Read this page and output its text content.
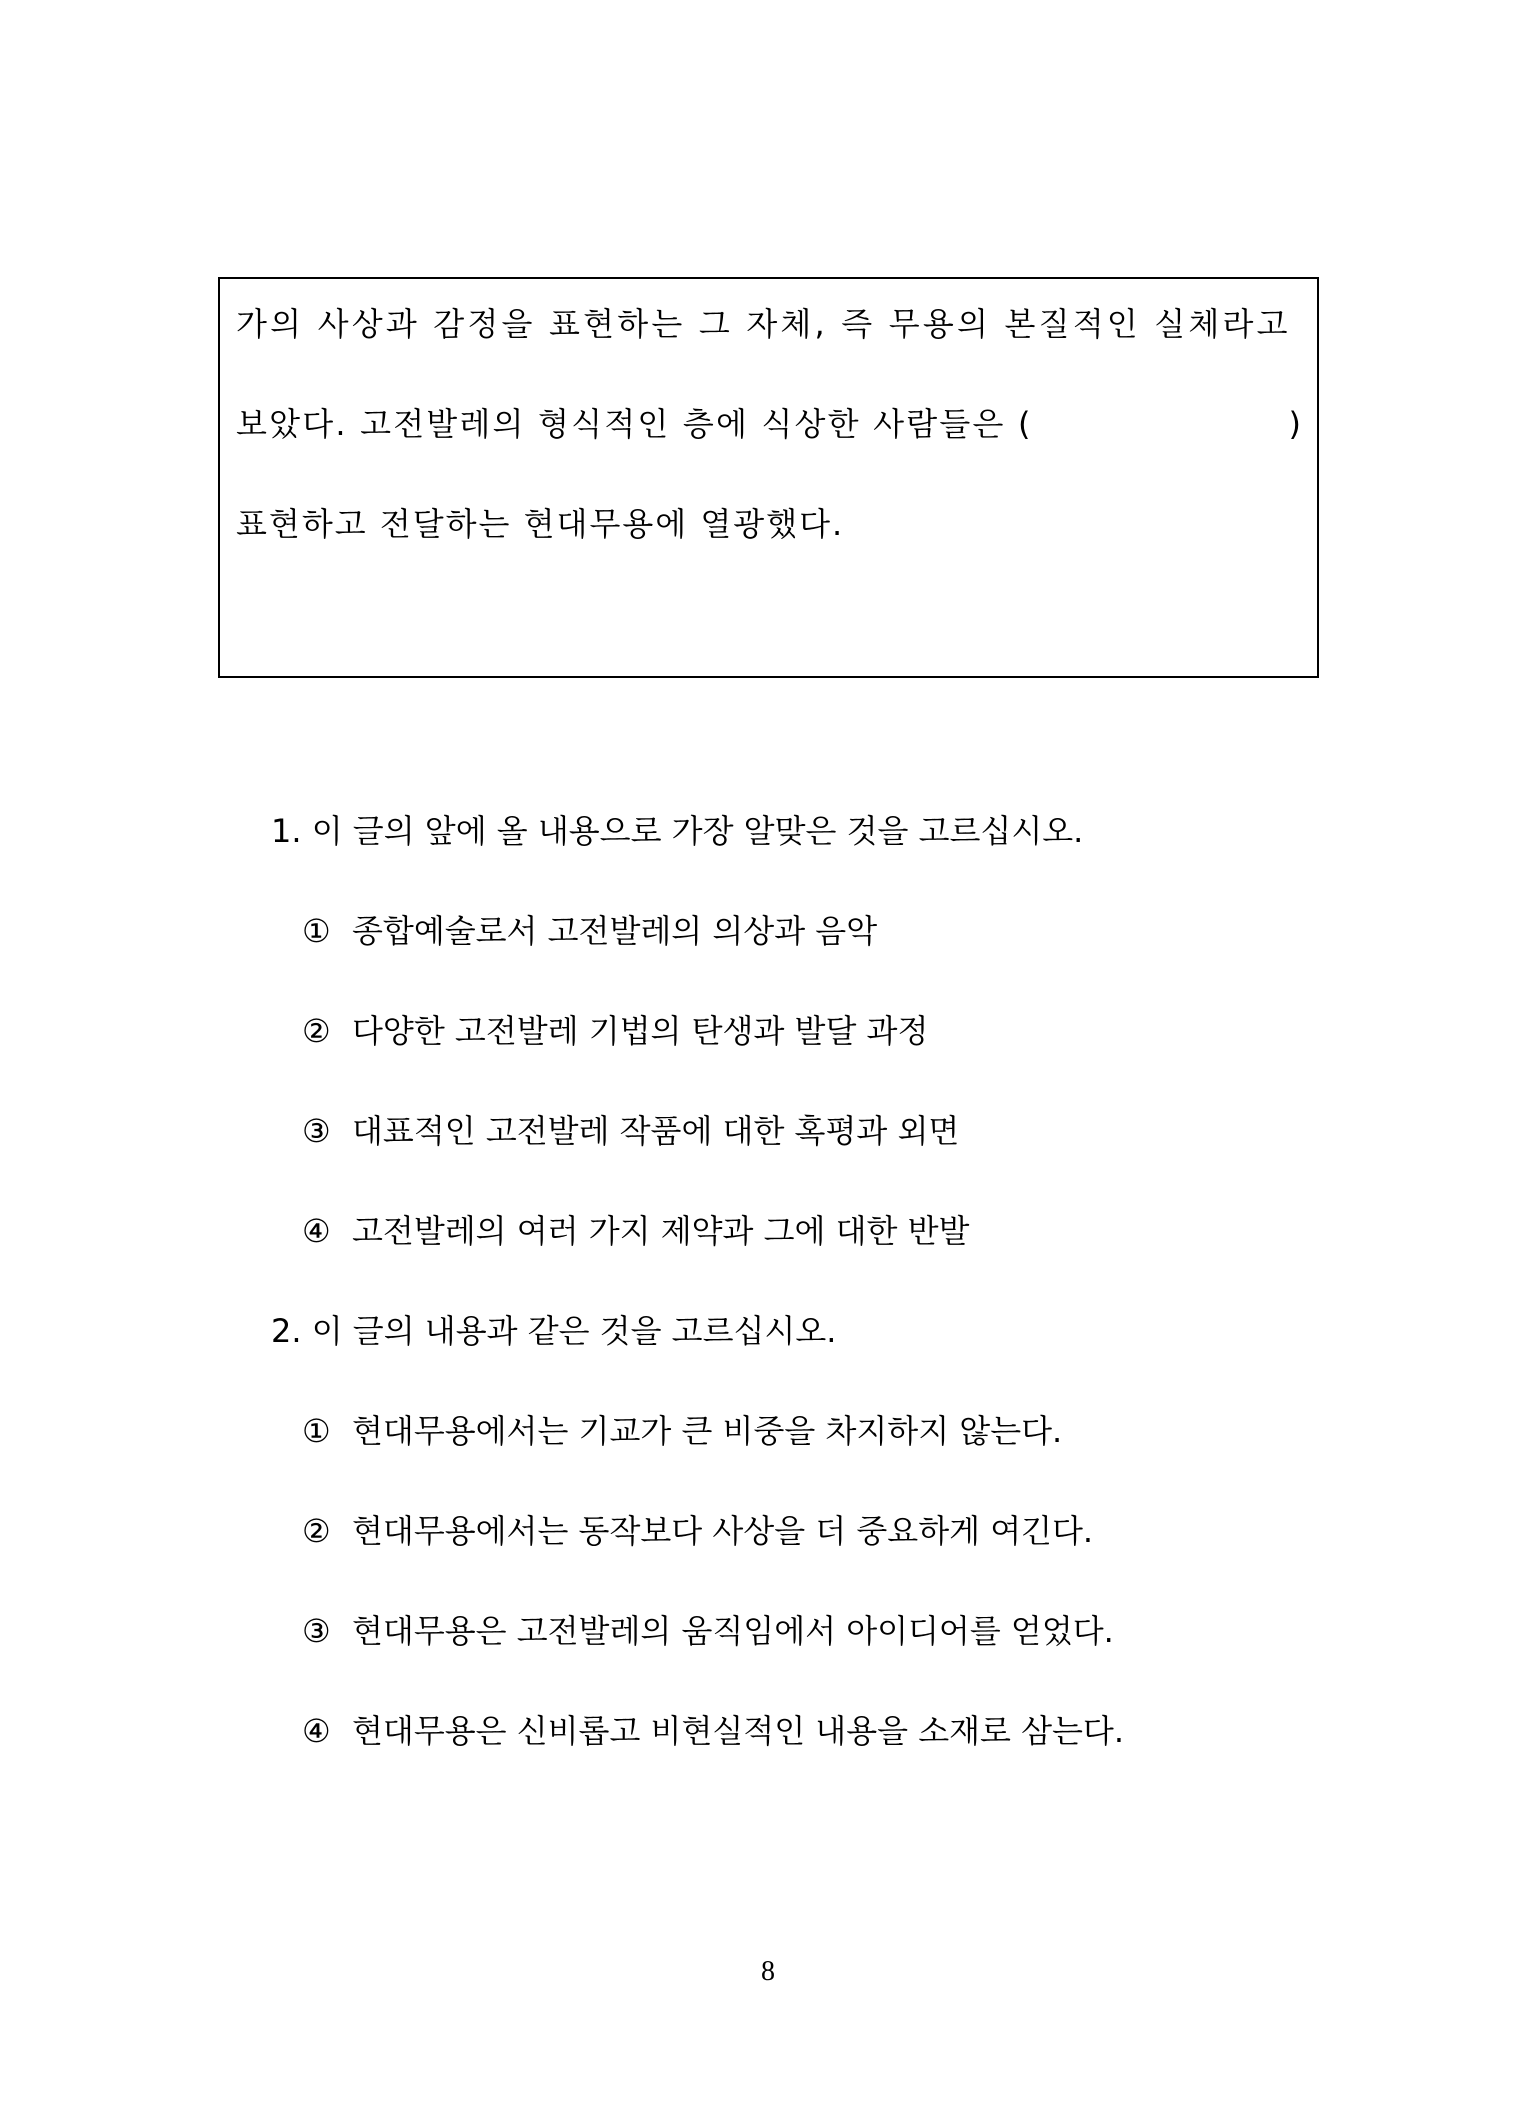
가의 사상과 감정을 표현하는 그 자체, 즉 무용의 본질적인 실체라고
보았다. 고전발레의 형식적인 층에 식상한 사람들은 (	)
표현하고 전달하는 현대무용에 열광했다.
1. 이 글의 앞에 올 내용으로 가장 알맞은 것을 고르십시오.
① 종합예술로서 고전발레의 의상과 음악
② 다양한 고전발레 기법의 탄생과 발달 과정
③ 대표적인 고전발레 작품에 대한 혹평과 외면
④ 고전발레의 여러 가지 제약과 그에 대한 반발
2. 이 글의 내용과 같은 것을 고르십시오.
① 현대무용에서는 기교가 큰 비중을 차지하지 않는다.
② 현대무용에서는 동작보다 사상을 더 중요하게 여긴다.
③ 현대무용은 고전발레의 움직임에서 아이디어를 얻었다.
④ 현대무용은 신비롭고 비현실적인 내용을 소재로 삼는다.
8
